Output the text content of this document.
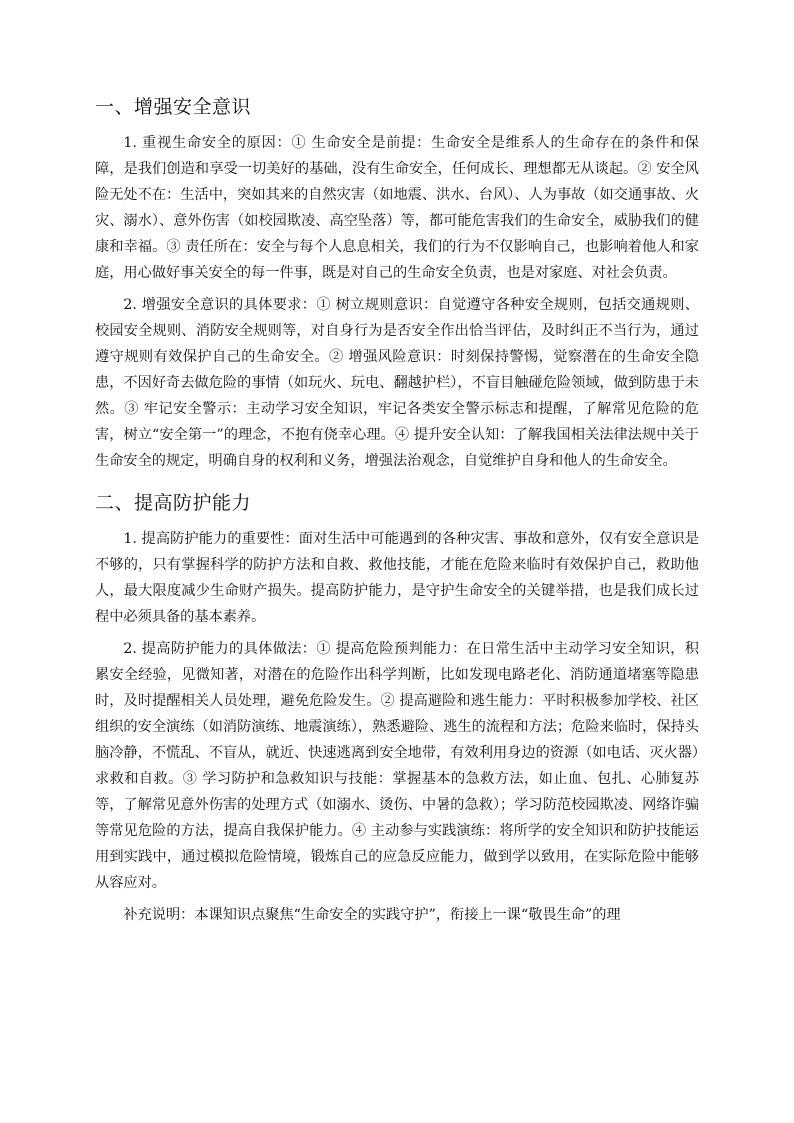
一、增强安全意识

1. 重视生命安全的原因：① 生命安全是前提：生命安全是维系人的生命存在的条件和保障，是我们创造和享受一切美好的基础，没有生命安全，任何成长、理想都无从谈起。② 安全风险无处不在：生活中，突如其来的自然灾害（如地震、洪水、台风）、人为事故（如交通事故、火灾、溺水）、意外伤害（如校园欺凌、高空坠落）等，都可能危害我们的生命安全，威胁我们的健康和幸福。③ 责任所在：安全与每个人息息相关，我们的行为不仅影响自己，也影响着他人和家庭，用心做好事关安全的每一件事，既是对自己的生命安全负责，也是对家庭、对社会负责。

2. 增强安全意识的具体要求：① 树立规则意识：自觉遵守各种安全规则，包括交通规则、校园安全规则、消防安全规则等，对自身行为是否安全作出恰当评估，及时纠正不当行为，通过遵守规则有效保护自己的生命安全。② 增强风险意识：时刻保持警惕，觉察潜在的生命安全隐患，不因好奇去做危险的事情（如玩火、玩电、翻越护栏），不盲目触碰危险领域，做到防患于未然。③ 牢记安全警示：主动学习安全知识，牢记各类安全警示标志和提醒，了解常见危险的危害，树立“安全第一”的理念，不抱有侥幸心理。④ 提升安全认知：了解我国相关法律法规中关于生命安全的规定，明确自身的权利和义务，增强法治观念，自觉维护自身和他人的生命安全。

二、提高防护能力

1. 提高防护能力的重要性：面对生活中可能遇到的各种灾害、事故和意外，仅有安全意识是不够的，只有掌握科学的防护方法和自救、救他技能，才能在危险来临时有效保护自己，救助他人，最大限度减少生命财产损失。提高防护能力，是守护生命安全的关键举措，也是我们成长过程中必须具备的基本素养。

2. 提高防护能力的具体做法：① 提高危险预判能力：在日常生活中主动学习安全知识，积累安全经验，见微知著，对潜在的危险作出科学判断，比如发现电路老化、消防通道堵塞等隐患时，及时提醒相关人员处理，避免危险发生。② 提高避险和逃生能力：平时积极参加学校、社区组织的安全演练（如消防演练、地震演练），熟悉避险、逃生的流程和方法；危险来临时，保持头脑冷静，不慌乱、不盲从，就近、快速逃离到安全地带，有效利用身边的资源（如电话、灭火器）求救和自救。③ 学习防护和急救知识与技能：掌握基本的急救方法，如止血、包扎、心肺复苏等，了解常见意外伤害的处理方式（如溺水、烫伤、中暑的急救）；学习防范校园欺凌、网络诈骗等常见危险的方法，提高自我保护能力。④ 主动参与实践演练：将所学的安全知识和防护技能运用到实践中，通过模拟危险情境，锻炼自己的应急反应能力，做到学以致用，在实际危险中能够从容应对。

补充说明：本课知识点聚焦“生命安全的实践守护”，衔接上一课“敬畏生命”的理
